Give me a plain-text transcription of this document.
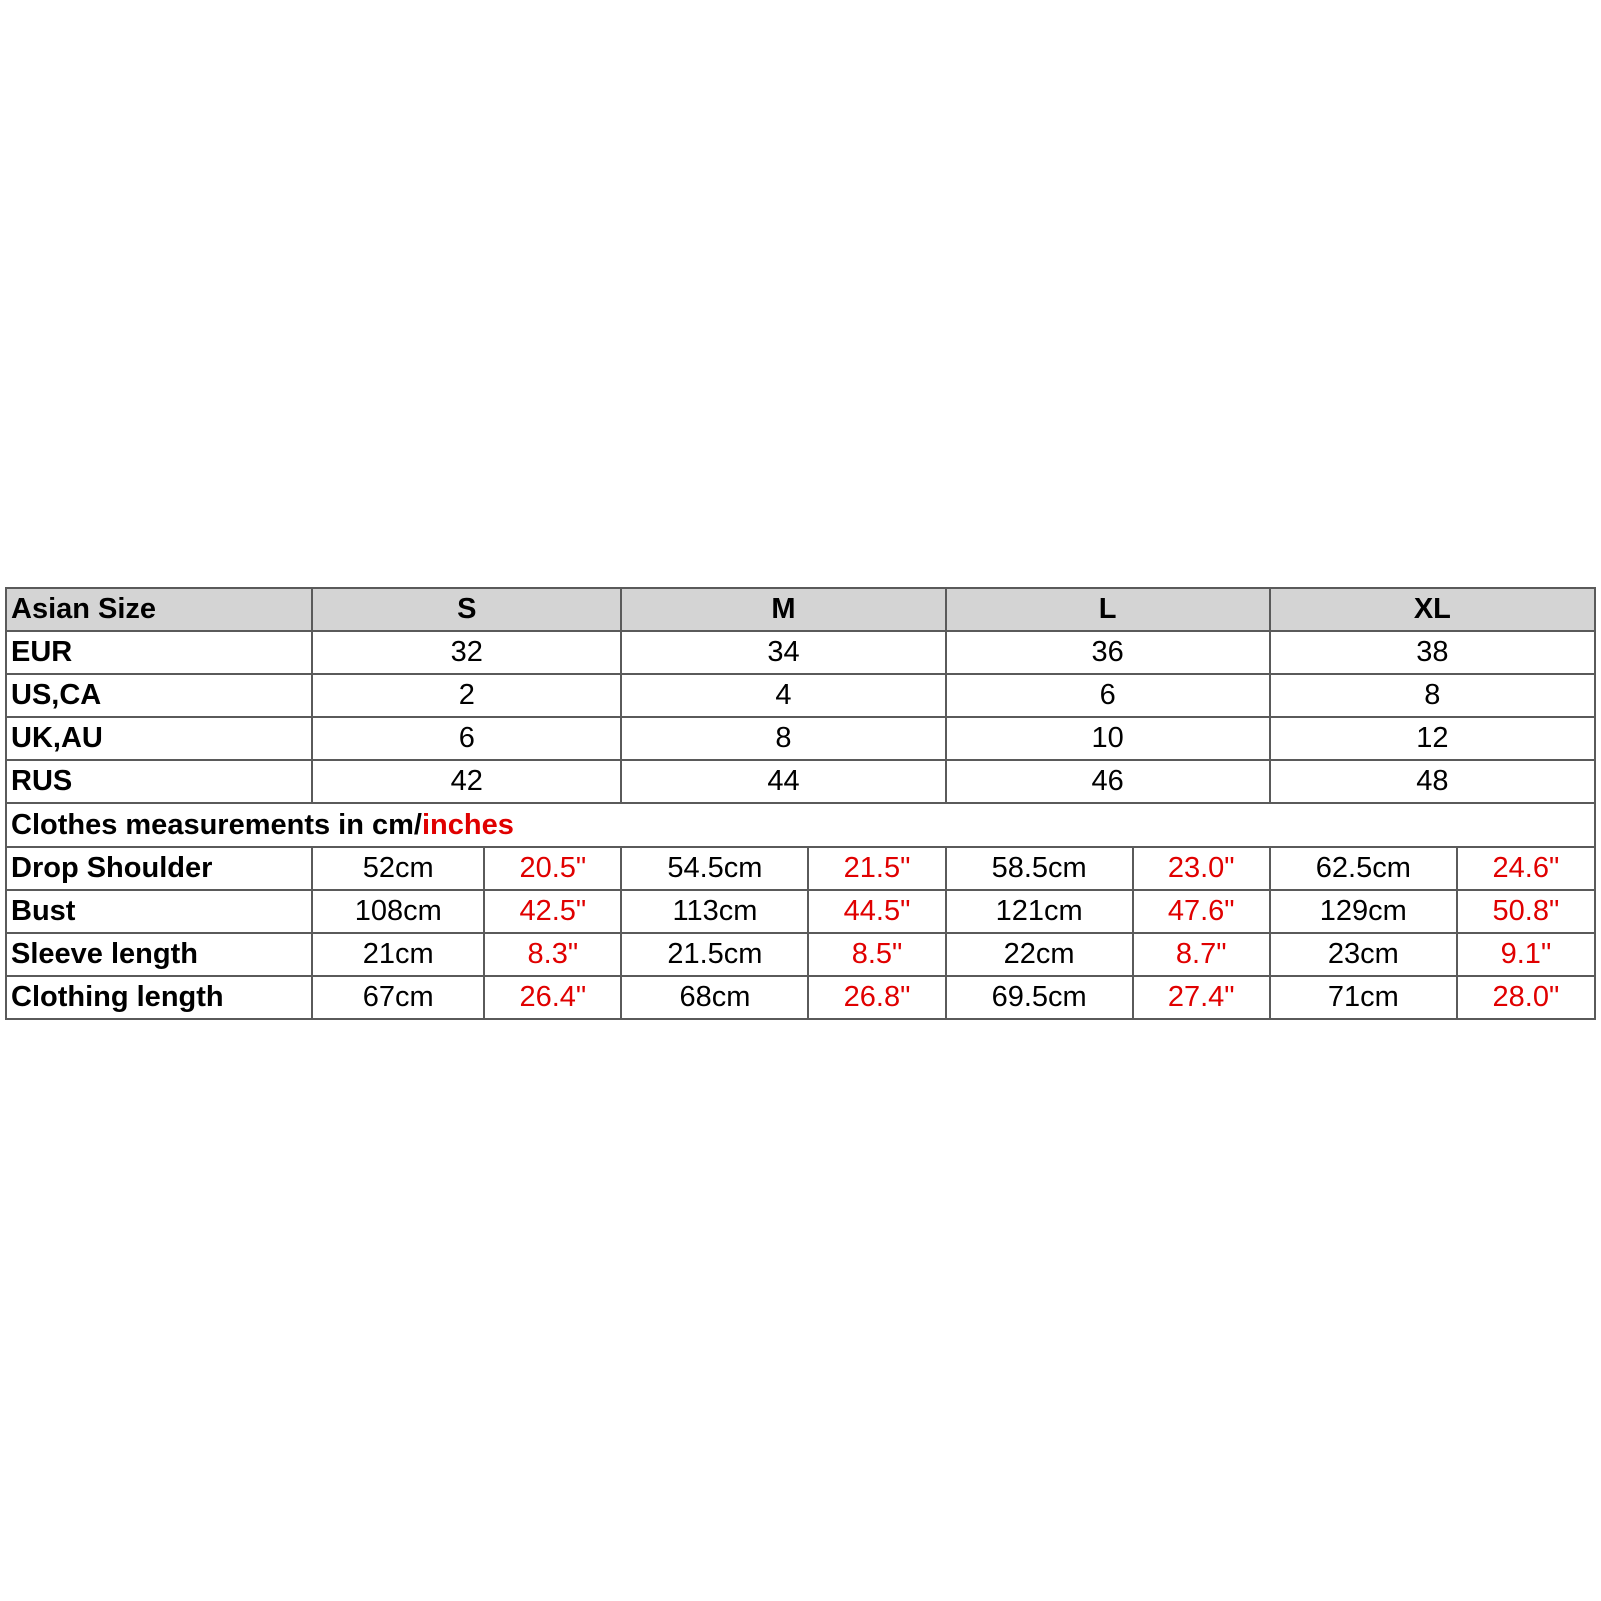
Asian Size	S		M		L		XL	
EUR	32		34		36		38	
US,CA	2		4		6		8	
UK,AU	6		8		10		12	
RUS	42		44		46		48	
Clothes measurements in cm/inches								
Drop Shoulder	52cm	20.5"	54.5cm	21.5"	58.5cm	23.0"	62.5cm	24.6"
Bust	108cm	42.5"	113cm	44.5"	121cm	47.6"	129cm	50.8"
Sleeve length	21cm	8.3"	21.5cm	8.5"	22cm	8.7"	23cm	9.1"
Clothing length	67cm	26.4"	68cm	26.8"	69.5cm	27.4"	71cm	28.0"
